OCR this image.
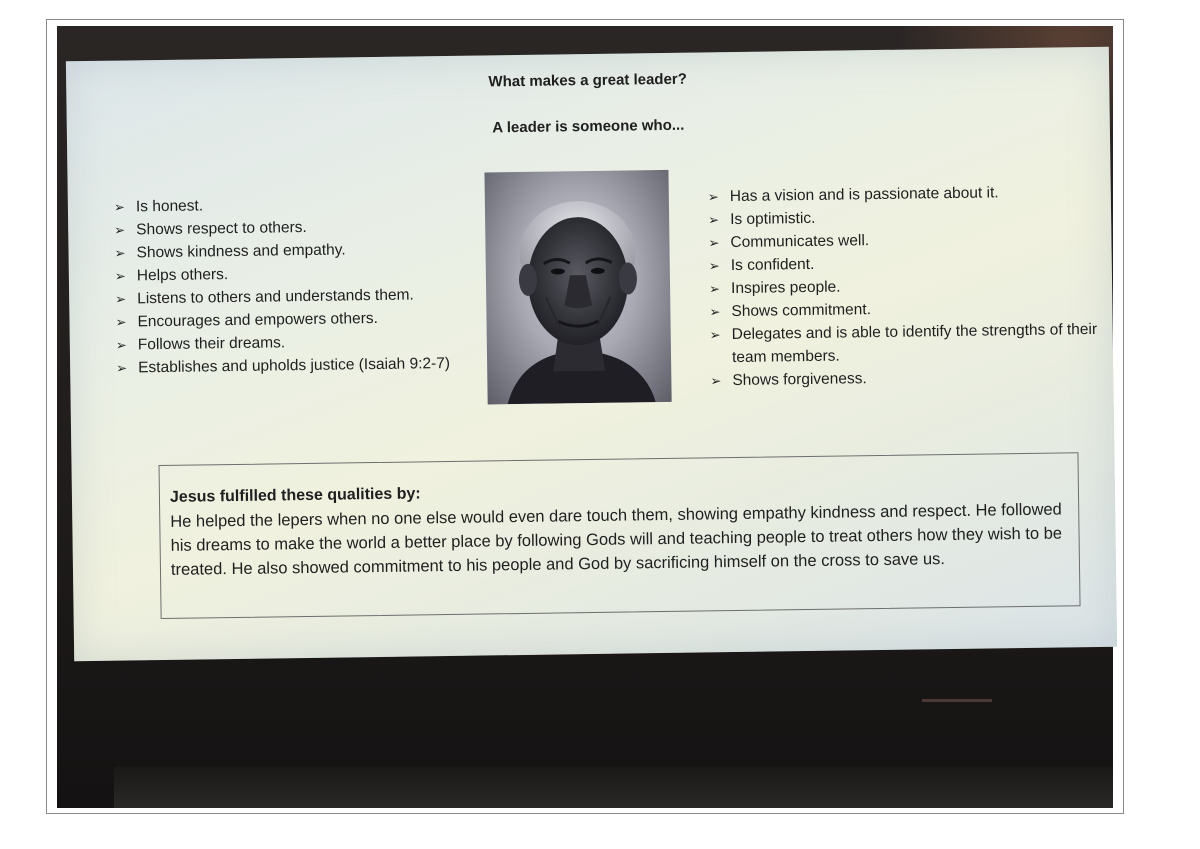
What makes a great leader?
A leader is someone who...
➢ Is honest.
➢ Shows respect to others.
➢ Shows kindness and empathy.
➢ Helps others.
➢ Listens to others and understands them.
➢ Encourages and empowers others.
➢ Follows their dreams.
➢ Establishes and upholds justice (Isaiah 9:2-7)
➢ Has a vision and is passionate about it.
➢ Is optimistic.
➢ Communicates well.
➢ Is confident.
➢ Inspires people.
➢ Shows commitment.
➢ Delegates and is able to identify the strengths of their team members.
➢ Shows forgiveness.
Jesus fulfilled these qualities by:
He helped the lepers when no one else would even dare touch them, showing empathy kindness and respect. He followed his dreams to make the world a better place by following Gods will and teaching people to treat others how they wish to be treated. He also showed commitment to his people and God by sacrificing himself on the cross to save us.
